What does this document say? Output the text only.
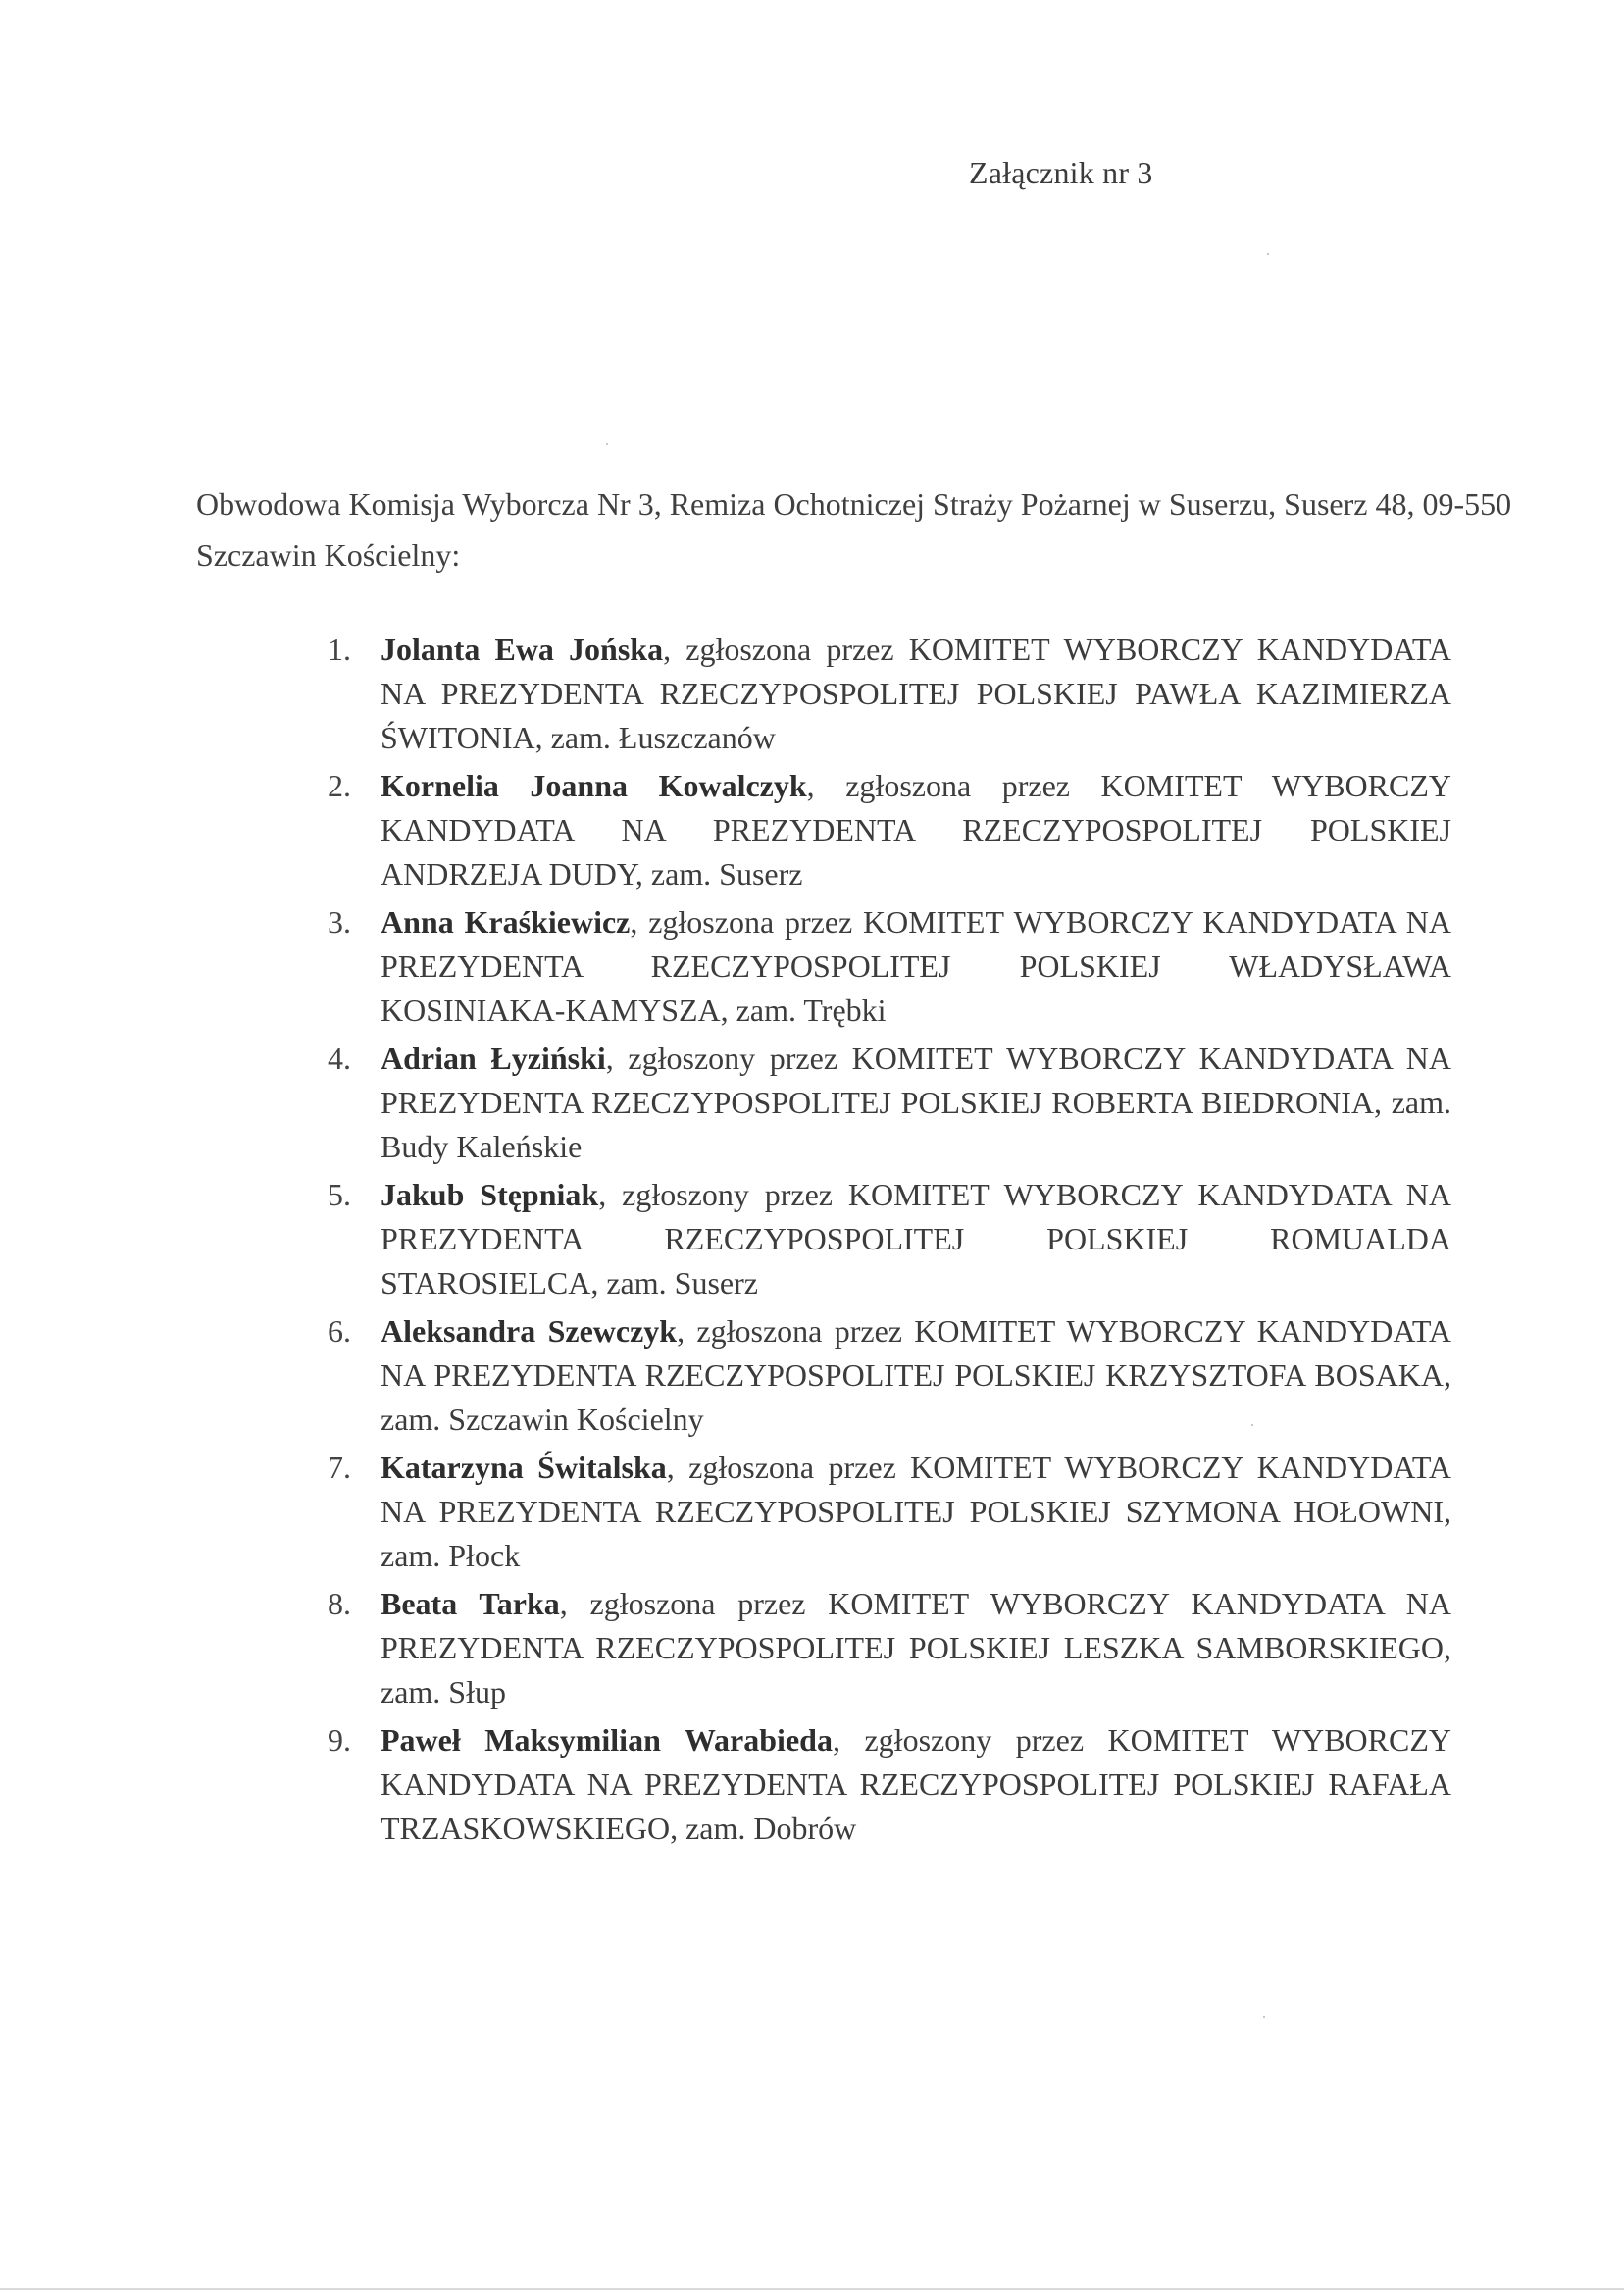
Załącznik nr 3
Obwodowa Komisja Wyborcza Nr 3, Remiza Ochotniczej Straży Pożarnej w Suserzu, Suserz 48, 09-550 Szczawin Kościelny:
1. Jolanta Ewa Jońska, zgłoszona przez KOMITET WYBORCZY KANDYDATA NA PREZYDENTA RZECZYPOSPOLITEJ POLSKIEJ PAWŁA KAZIMIERZA ŚWITONIA, zam. Łuszczanów
2. Kornelia Joanna Kowalczyk, zgłoszona przez KOMITET WYBORCZY KANDYDATA NA PREZYDENTA RZECZYPOSPOLITEJ POLSKIEJ ANDRZEJA DUDY, zam. Suserz
3. Anna Kraśkiewicz, zgłoszona przez KOMITET WYBORCZY KANDYDATA NA PREZYDENTA RZECZYPOSPOLITEJ POLSKIEJ WŁADYSŁAWA KOSINIAKA-KAMYSZA, zam. Trębki
4. Adrian Łyziński, zgłoszony przez KOMITET WYBORCZY KANDYDATA NA PREZYDENTA RZECZYPOSPOLITEJ POLSKIEJ ROBERTA BIEDRONIA, zam. Budy Kaleńskie
5. Jakub Stępniak, zgłoszony przez KOMITET WYBORCZY KANDYDATA NA PREZYDENTA RZECZYPOSPOLITEJ POLSKIEJ ROMUALDA STAROSIELCA, zam. Suserz
6. Aleksandra Szewczyk, zgłoszona przez KOMITET WYBORCZY KANDYDATA NA PREZYDENTA RZECZYPOSPOLITEJ POLSKIEJ KRZYSZTOFA BOSAKA, zam. Szczawin Kościelny
7. Katarzyna Świtalska, zgłoszona przez KOMITET WYBORCZY KANDYDATA NA PREZYDENTA RZECZYPOSPOLITEJ POLSKIEJ SZYMONA HOŁOWNI, zam. Płock
8. Beata Tarka, zgłoszona przez KOMITET WYBORCZY KANDYDATA NA PREZYDENTA RZECZYPOSPOLITEJ POLSKIEJ LESZKA SAMBORSKIEGO, zam. Słup
9. Paweł Maksymilian Warabieda, zgłoszony przez KOMITET WYBORCZY KANDYDATA NA PREZYDENTA RZECZYPOSPOLITEJ POLSKIEJ RAFAŁA TRZASKOWSKIEGO, zam. Dobrów
